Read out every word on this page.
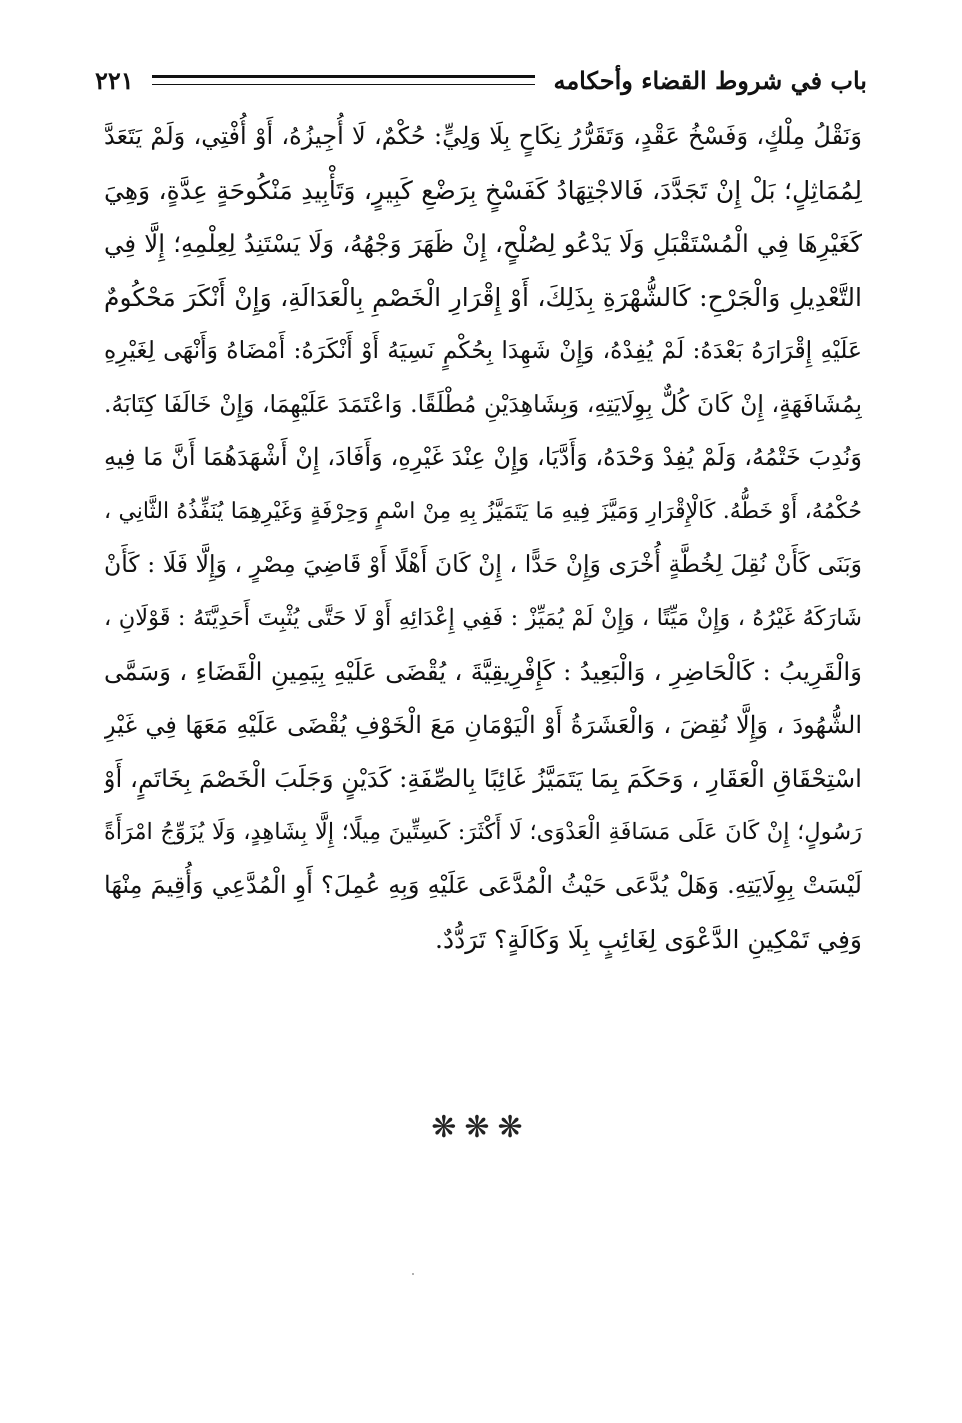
باب في شروط القضاء وأحكامه
٢٢١
وَنَقْلُ مِلْكٍ، وَفَسْخُ عَقْدٍ، وَتَقَرُّرُ نِكَاحٍ بِلَا وَلِيٍّ: حُكْمٌ، لَا أُجِيزُهُ، أَوْ أُفْتِي، وَلَمْ يَتَعَدَّ
لِمُمَاثِلٍ؛ بَلْ إِنْ تَجَدَّدَ، فَالاجْتِهَادُ كَفَسْخٍ بِرَضْعِ كَبِيرٍ، وَتَأْبِيدِ مَنْكُوحَةٍ عِدَّةٍ، وَهِيَ
كَغَيْرِهَا فِي الْمُسْتَقْبَلِ وَلَا يَدْعُو لِصُلْحٍ، إِنْ ظَهَرَ وَجْهُهُ، وَلَا يَسْتَنِدُ لِعِلْمِهِ؛ إِلَّا فِي
التَّعْدِيلِ وَالْجَرْحِ: كَالشُّهْرَةِ بِذَلِكَ، أَوْ إِقْرَارِ الْخَصْمِ بِالْعَدَالَةِ، وَإِنْ أَنْكَرَ مَحْكُومٌ
عَلَيْهِ إِقْرَارَهُ بَعْدَهُ: لَمْ يُفِدْهُ، وَإِنْ شَهِدَا بِحُكْمٍ نَسِيَهُ أَوْ أَنْكَرَهُ: أَمْضَاهُ وَأَنْهَى لِغَيْرِهِ
بِمُشَافَهَةٍ، إِنْ كَانَ كُلٌّ بِوِلَايَتِهِ، وَبِشَاهِدَيْنِ مُطْلَقًا. وَاعْتَمَدَ عَلَيْهِمَا، وَإِنْ خَالَفَا كِتَابَهُ.
وَنُدِبَ خَتْمُهُ، وَلَمْ يُفِدْ وَحْدَهُ، وَأَدَّيَا، وَإِنْ عِنْدَ غَيْرِهِ، وَأَفَادَ، إِنْ أَشْهَدَهُمَا أَنَّ مَا فِيهِ
حُكْمُهُ، أَوْ خَطُّهُ. كَالْإِقْرَارِ وَمَيَّزَ فِيهِ مَا يَتَمَيَّزُ بِهِ مِنْ اسْمٍ وَحِرْفَةٍ وَغَيْرِهِمَا يُنَفِّذُهُ الثَّانِي ،
وَبَنَى كَأَنْ نُقِلَ لِخُطَّةٍ أُخْرَى وَإِنْ حَدًّا ، إِنْ كَانَ أَهْلًا أَوْ قَاضِيَ مِصْرٍ ، وَإِلَّا فَلَا : كَأَنْ
شَارَكَهُ غَيْرُهُ ، وَإِنْ مَيِّتًا ، وَإِنْ لَمْ يُمَيِّزْ : فَفِي إِعْدَائِهِ أَوْ لَا حَتَّى يُثْبِتَ أَحَدِيَّتَهُ : قَوْلَانِ ،
وَالْقَرِيبُ : كَالْحَاضِرِ ، وَالْبَعِيدُ : كَإِفْرِيقِيَّةَ ، يُقْضَى عَلَيْهِ بِيَمِينِ الْقَضَاءِ ، وَسَمَّى
الشُّهُودَ ، وَإِلَّا نُقِضَ ، وَالْعَشَرَةُ أَوْ الْيَوْمَانِ مَعَ الْخَوْفِ يُقْضَى عَلَيْهِ مَعَهَا فِي غَيْرِ
اسْتِحْقَاقِ الْعَقَارِ ، وَحَكَمَ بِمَا يَتَمَيَّزُ غَائِبًا بِالصِّفَةِ: كَدَيْنٍ وَجَلَبَ الْخَصْمَ بِخَاتَمٍ، أَوْ
رَسُولٍ؛ إِنْ كَانَ عَلَى مَسَافَةِ الْعَدْوَى؛ لَا أَكْثَرَ: كَسِتِّينَ مِيلًا؛ إِلَّا بِشَاهِدٍ، وَلَا يُزَوِّجُ امْرَأَةً
لَيْسَتْ بِوِلَايَتِهِ. وَهَلْ يُدَّعَى حَيْثُ الْمُدَّعَى عَلَيْهِ وَبِهِ عُمِلَ؟ أَوِ الْمُدَّعِي وَأُقِيمَ مِنْهَا
وَفِي تَمْكِينِ الدَّعْوَى لِغَائِبٍ بِلَا وَكَالَةٍ؟ تَرَدُّدٌ.
❋❋❋
